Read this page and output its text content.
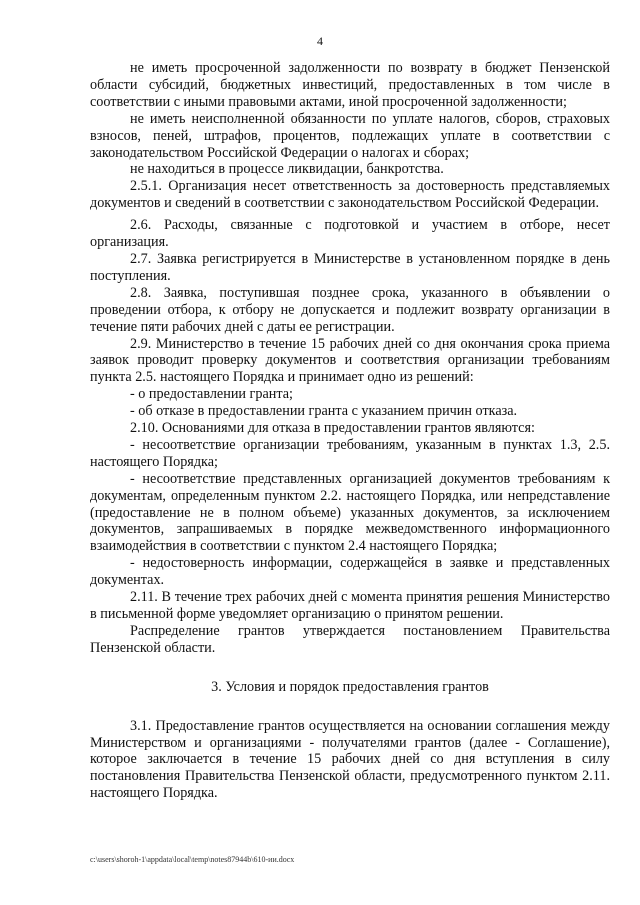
4

не иметь просроченной задолженности по возврату в бюджет Пензенской области субсидий, бюджетных инвестиций, предоставленных в том числе в соответствии с иными правовыми актами, иной просроченной задолженности;

не иметь неисполненной обязанности по уплате налогов, сборов, страховых взносов, пеней, штрафов, процентов, подлежащих уплате в соответствии с законодательством Российской Федерации о налогах и сборах;

не находиться в процессе ликвидации, банкротства.

2.5.1. Организация несет ответственность за достоверность представляемых документов и сведений в соответствии с законодательством Российской Федерации.

2.6. Расходы, связанные с подготовкой и участием в отборе, несет организация.

2.7. Заявка регистрируется в Министерстве в установленном порядке в день поступления.

2.8. Заявка, поступившая позднее срока, указанного в объявлении о проведении отбора, к отбору не допускается и подлежит возврату организации в течение пяти рабочих дней с даты ее регистрации.

2.9. Министерство в течение 15 рабочих дней со дня окончания срока приема заявок проводит проверку документов и соответствия организации требованиям пункта 2.5. настоящего Порядка и принимает одно из решений:

- о предоставлении гранта;

- об отказе в предоставлении гранта с указанием причин отказа.

2.10. Основаниями для отказа в предоставлении грантов являются:

- несоответствие организации требованиям, указанным в пунктах 1.3, 2.5. настоящего Порядка;

- несоответствие представленных организацией документов требованиям к документам, определенным пунктом 2.2. настоящего Порядка, или непредставление (предоставление не в полном объеме) указанных документов, за исключением документов, запрашиваемых в порядке межведомственного информационного взаимодействия в соответствии с пунктом 2.4 настоящего Порядка;

- недостоверность информации, содержащейся в заявке и представленных документах.

2.11. В течение трех рабочих дней с момента принятия решения Министерство в письменной форме уведомляет организацию о принятом решении.

Распределение грантов утверждается постановлением Правительства Пензенской области.

3. Условия и порядок предоставления грантов

3.1. Предоставление грантов осуществляется на основании соглашения между Министерством и организациями - получателями грантов (далее - Соглашение), которое заключается в течение 15 рабочих дней со дня вступления в силу постановления Правительства Пензенской области, предусмотренного пунктом 2.11. настоящего Порядка.

c:\users\shoroh-1\appdata\local\temp\notes87944b\610-ии.docx
